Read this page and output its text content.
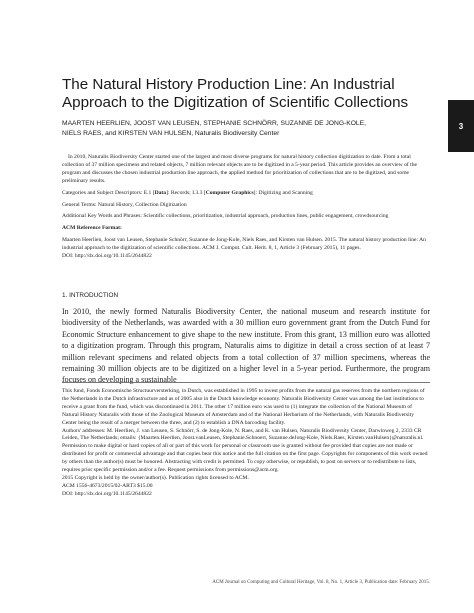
3
The Natural History Production Line: An Industrial Approach to the Digitization of Scientific Collections
MAARTEN HEERLIEN, JOOST VAN LEUSEN, STEPHANIE SCHNÖRR, SUZANNE DE JONG-KOLE,
NIELS RAES, and KIRSTEN VAN HULSEN, Naturalis Biodiversity Center

In 2010, Naturalis Biodiversity Center started one of the largest and most diverse programs for natural history collection digitization to date. From a total collection of 37 million specimens and related objects, 7 million relevant objects are to be digitized in a 5-year period. This article provides an overview of the program and discusses the chosen industrial production line approach, the applied method for prioritization of collections that are to be digitized, and some preliminary results.

Categories and Subject Descriptors: E.1 [Data]: Records; I.3.3 [Computer Graphics]: Digitizing and Scanning

General Terms: Natural History, Collection Digitization

Additional Key Words and Phrases: Scientific collections, prioritization, industrial approach, production lines, public engagement, crowdsourcing

ACM Reference Format:

Maarten Heerlien, Joost van Leusen, Stephanie Schnörr, Suzanne de Jong-Kole, Niels Raes, and Kirsten van Hulsen. 2015. The natural history production line: An industrial approach to the digitization of scientific collections. ACM J. Comput. Cult. Herit. 8, 1, Article 3 (February 2015), 11 pages.

DOI: http://dx.doi.org/10.1145/2644822

1. INTRODUCTION
In 2010, the newly formed Naturalis Biodiversity Center, the national museum and research institute for biodiversity of the Netherlands, was awarded with a 30 million euro government grant from the Dutch Fund for Economic Structure enhancement to give shape to the new institute. From this grant, 13 million euro was allotted to a digitization program. Through this program, Naturalis aims to digitize in detail a cross section of at least 7 million relevant specimens and related objects from a total collection of 37 million specimens, whereas the remaining 30 million objects are to be digitized on a higher level in a 5-year period. Furthermore, the program focuses on developing a sustainable

This fund, Fonds Economische Structuurversterking, in Dutch, was established in 1995 to invest profits from the natural gas reserves from the northern regions of the Netherlands in the Dutch infrastructure and as of 2005 also in the Dutch knowledge economy. Naturalis Biodiversity Center was among the last institutions to receive a grant from the fund, which was discontinued in 2011. The other 17 million euro was used to (1) integrate the collection of the National Museum of Natural History Naturalis with those of the Zoological Museum of Amsterdam and of the National Herbarium of the Netherlands, with Naturalis Biodiversity Center being the result of a merger between the three, and (2) to establish a DNA barcoding facility.

Authors' addresses: M. Heerlien, J. van Leusen, S. Schnörr, S. de Jong-Kole, N. Raes, and K. van Hulsen, Naturalis Biodiversity Center, Darwinweg 2, 2333 CR Leiden, The Netherlands; emails: {Maarten.Heerlien, Joost.vanLeusen, Stephanie.Schnoerr, Suzanne.deJong-Kole, Niels.Raes, Kirsten.vanHulsen}@naturalis.nl.

Permission to make digital or hard copies of all or part of this work for personal or classroom use is granted without fee provided that copies are not made or distributed for profit or commercial advantage and that copies bear this notice and the full citation on the first page. Copyrights for components of this work owned by others than the author(s) must be honored. Abstracting with credit is permitted. To copy otherwise, or republish, to post on servers or to redistribute to lists, requires prior specific permission and/or a fee. Request permissions from permissions@acm.org.

2015 Copyright is held by the owner/author(s). Publication rights licensed to ACM.

ACM 1556-4673/2015/02-ART3 $15.00

DOI: http://dx.doi.org/10.1145/2644822

ACM Journal on Computing and Cultural Heritage, Vol. 8, No. 1, Article 3, Publication date: February 2015.
